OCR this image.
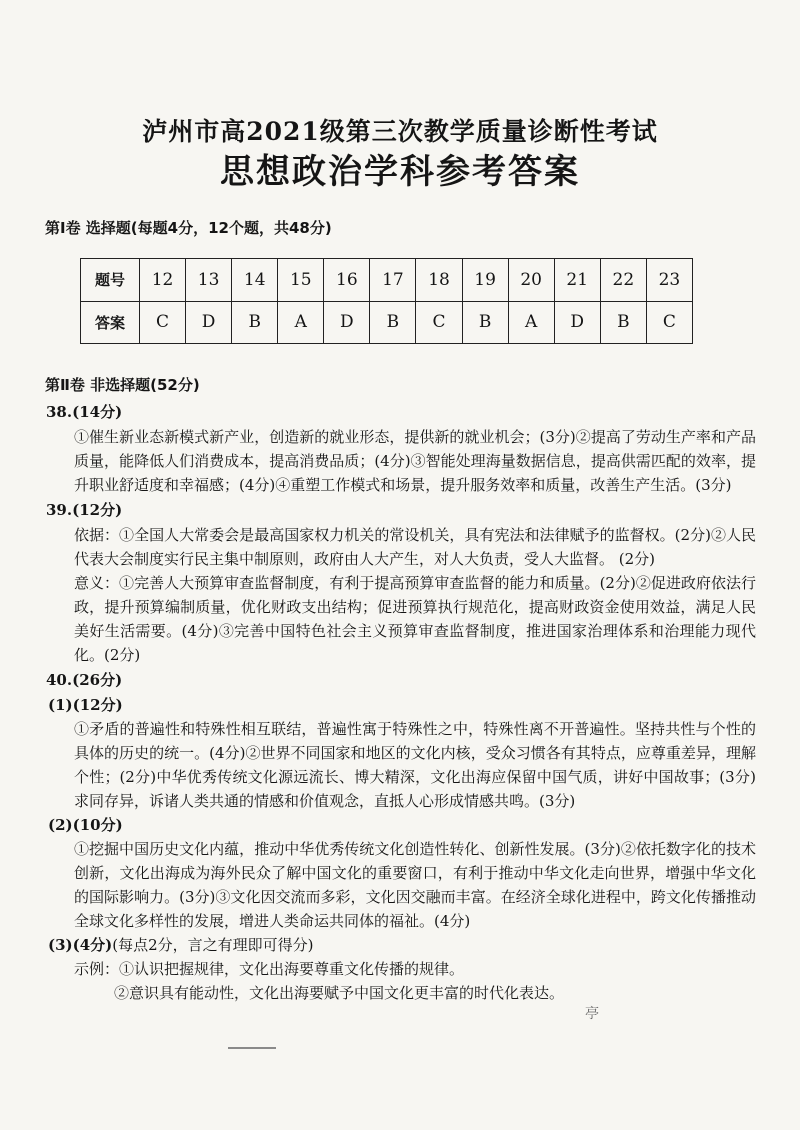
泸州市高2021级第三次教学质量诊断性考试
思想政治学科参考答案
第Ⅰ卷 选择题(每题4分，12个题，共48分)
题号	12	13	14	15	16	17	18	19	20	21	22	23
答案	C	D	B	A	D	B	C	B	A	D	B	C
第Ⅱ卷 非选择题(52分)
38.(14分)

①催生新业态新模式新产业，创造新的就业形态，提供新的就业机会；(3分)②提高了劳动生产率和产品质量，能降低人们消费成本，提高消费品质；(4分)③智能处理海量数据信息，提高供需匹配的效率，提升职业舒适度和幸福感；(4分)④重塑工作模式和场景，提升服务效率和质量，改善生产生活。(3分)

39.(12分)

依据：①全国人大常委会是最高国家权力机关的常设机关，具有宪法和法律赋予的监督权。(2分)②人民代表大会制度实行民主集中制原则，政府由人大产生，对人大负责，受人大监督。 (2分)

意义：①完善人大预算审查监督制度，有利于提高预算审查监督的能力和质量。(2分)②促进政府依法行政，提升预算编制质量，优化财政支出结构；促进预算执行规范化，提高财政资金使用效益，满足人民美好生活需要。(4分)③完善中国特色社会主义预算审查监督制度，推进国家治理体系和治理能力现代化。(2分)

40.(26分)
(1)(12分)

①矛盾的普遍性和特殊性相互联结，普遍性寓于特殊性之中，特殊性离不开普遍性。坚持共性与个性的具体的历史的统一。(4分)②世界不同国家和地区的文化内核，受众习惯各有其特点，应尊重差异，理解个性；(2分)中华优秀传统文化源远流长、博大精深，文化出海应保留中国气质，讲好中国故事；(3分)求同存异，诉诸人类共通的情感和价值观念，直抵人心形成情感共鸣。(3分)

(2)(10分)

①挖掘中国历史文化内蕴，推动中华优秀传统文化创造性转化、创新性发展。(3分)②依托数字化的技术创新，文化出海成为海外民众了解中国文化的重要窗口，有利于推动中华文化走向世界，增强中华文化的国际影响力。(3分)③文化因交流而多彩，文化因交融而丰富。在经济全球化进程中，跨文化传播推动全球文化多样性的发展，增进人类命运共同体的福祉。(4分)

(3)(4分)(每点2分，言之有理即可得分)

示例：①认识把握规律，文化出海要尊重文化传播的规律。

②意识具有能动性，文化出海要赋予中国文化更丰富的时代化表达。

亭
